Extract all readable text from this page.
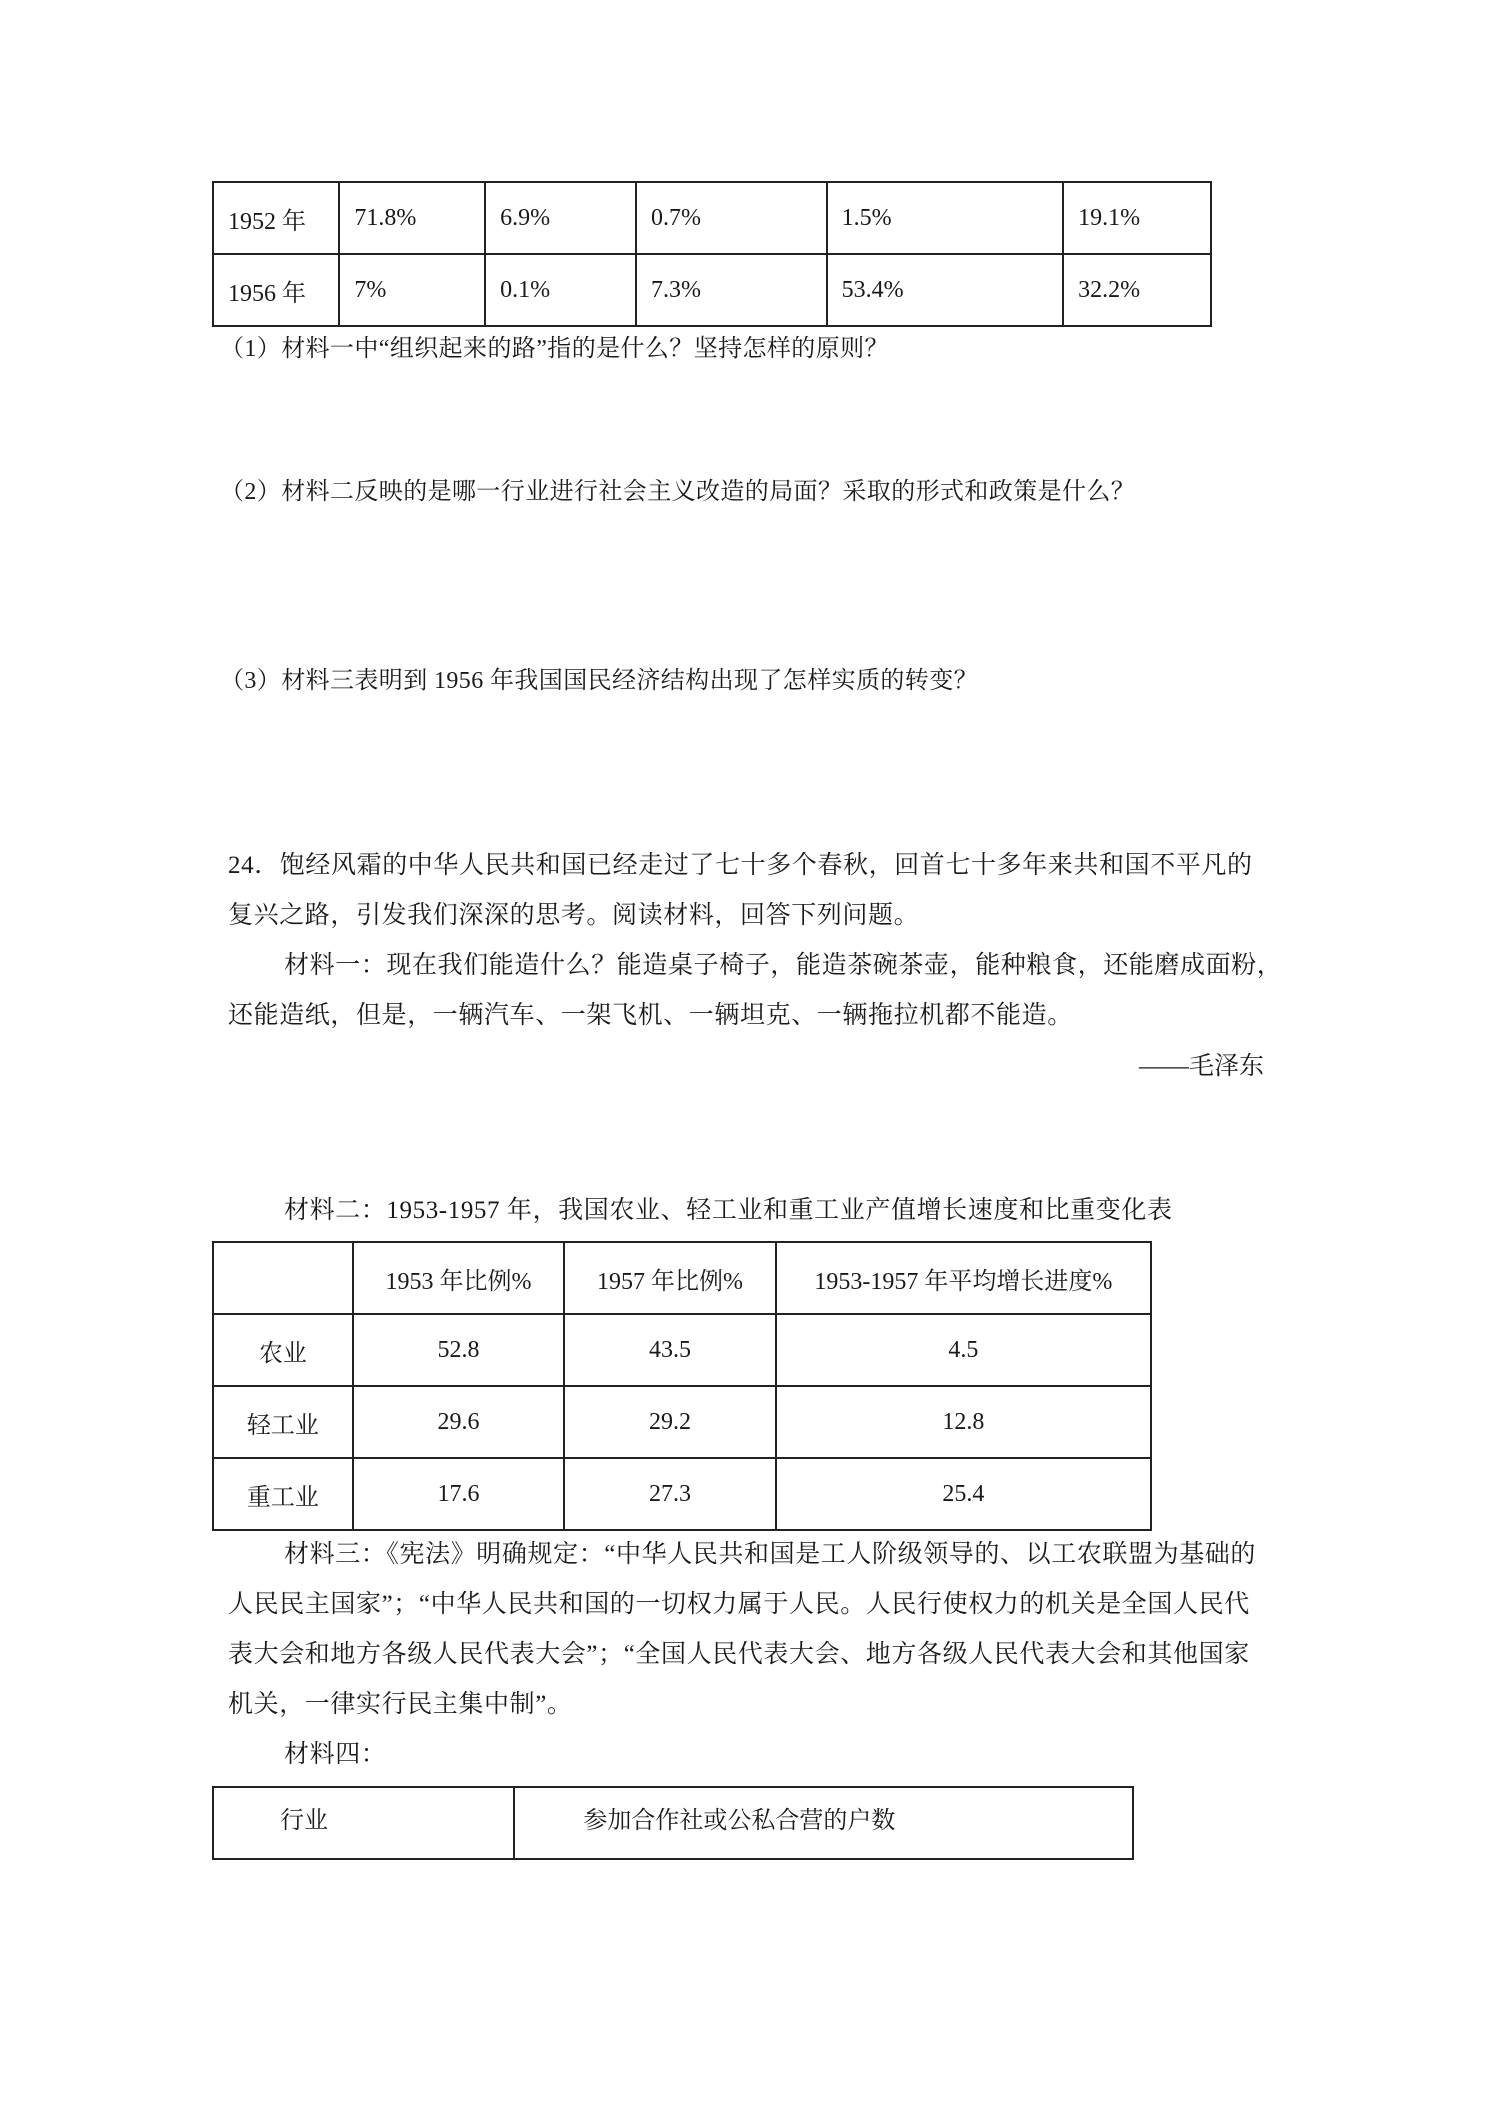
1952 年	71.8%	6.9%	0.7%	1.5%	19.1%
1956 年	7%	0.1%	7.3%	53.4%	32.2%
（1）材料一中“组织起来的路”指的是什么？坚持怎样的原则？
（2）材料二反映的是哪一行业进行社会主义改造的局面？采取的形式和政策是什么？
（3）材料三表明到 1956 年我国国民经济结构出现了怎样实质的转变？
24．饱经风霜的中华人民共和国已经走过了七十多个春秋，回首七十多年来共和国不平凡的
复兴之路，引发我们深深的思考。阅读材料，回答下列问题。
材料一：现在我们能造什么？能造桌子椅子，能造茶碗茶壶，能种粮食，还能磨成面粉，
还能造纸，但是，一辆汽车、一架飞机、一辆坦克、一辆拖拉机都不能造。
——毛泽东
材料二：1953-1957 年，我国农业、轻工业和重工业产值增长速度和比重变化表
	1953 年比例%	1957 年比例%	1953-1957 年平均增长进度%
农业	52.8	43.5	4.5
轻工业	29.6	29.2	12.8
重工业	17.6	27.3	25.4
材料三：《宪法》明确规定：“中华人民共和国是工人阶级领导的、以工农联盟为基础的
人民民主国家”；“中华人民共和国的一切权力属于人民。人民行使权力的机关是全国人民代
表大会和地方各级人民代表大会”；“全国人民代表大会、地方各级人民代表大会和其他国家
机关，一律实行民主集中制”。
材料四：
行业	参加合作社或公私合营的户数
